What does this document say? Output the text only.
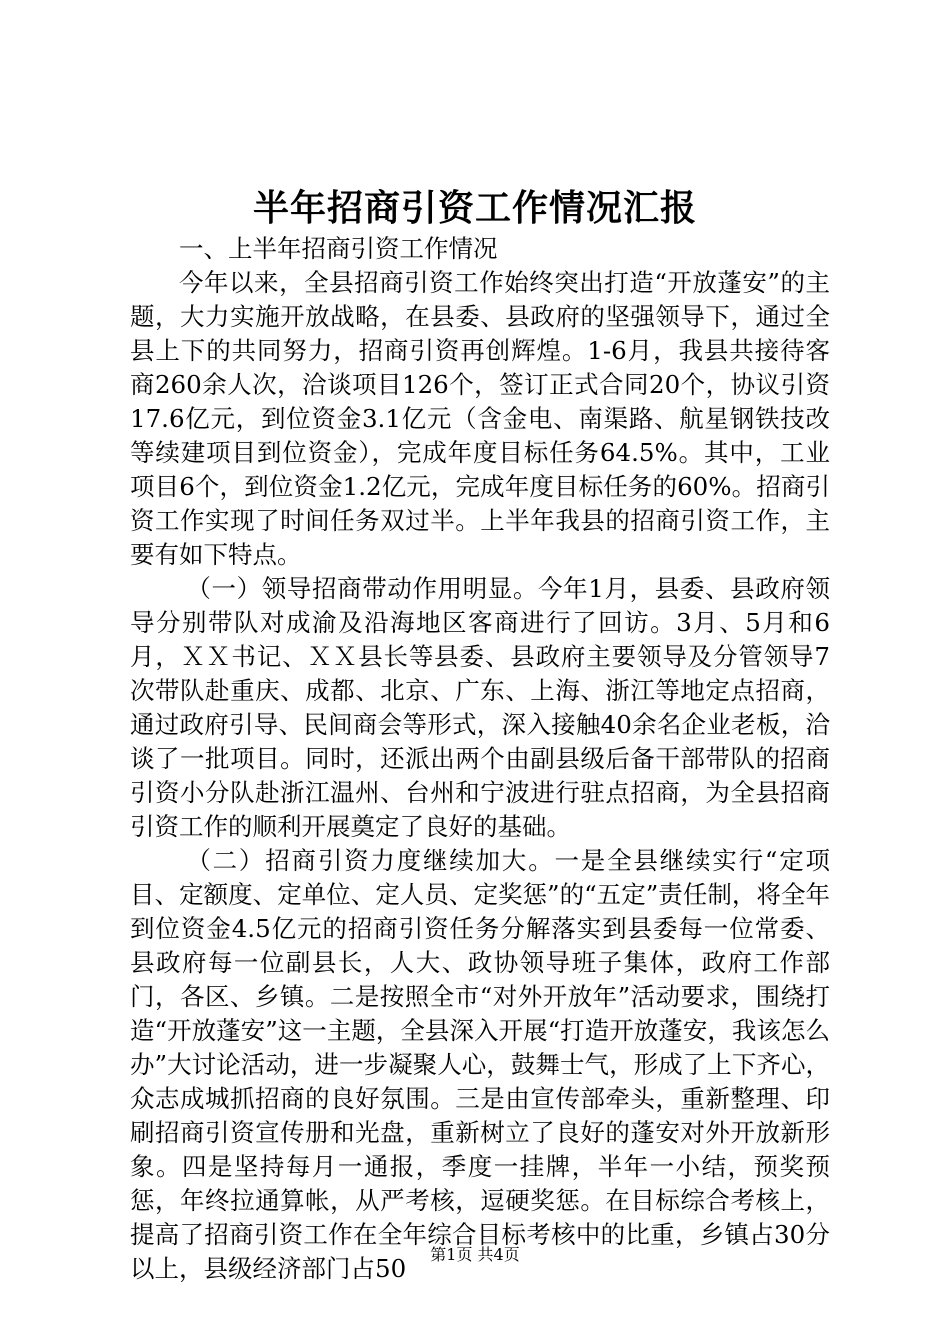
半年招商引资工作情况汇报

一、上半年招商引资工作情况

今年以来，全县招商引资工作始终突出打造“开放蓬安”的主题，大力实施开放战略，在县委、县政府的坚强领导下，通过全县上下的共同努力，招商引资再创辉煌。1-6月，我县共接待客商260余人次，洽谈项目126个，签订正式合同20个，协议引资17.6亿元，到位资金3.1亿元（含金电、南渠路、航星钢铁技改等续建项目到位资金），完成年度目标任务64.5%。其中，工业项目6个，到位资金1.2亿元，完成年度目标任务的60%。招商引资工作实现了时间任务双过半。上半年我县的招商引资工作，主要有如下特点。

（一）领导招商带动作用明显。今年1月，县委、县政府领导分别带队对成渝及沿海地区客商进行了回访。3月、5月和6月，ＸＸ书记、ＸＸ县长等县委、县政府主要领导及分管领导7次带队赴重庆、成都、北京、广东、上海、浙江等地定点招商，通过政府引导、民间商会等形式，深入接触40余名企业老板，洽谈了一批项目。同时，还派出两个由副县级后备干部带队的招商引资小分队赴浙江温州、台州和宁波进行驻点招商，为全县招商引资工作的顺利开展奠定了良好的基础。

（二）招商引资力度继续加大。一是全县继续实行“定项目、定额度、定单位、定人员、定奖惩”的“五定”责任制，将全年到位资金4.5亿元的招商引资任务分解落实到县委每一位常委、县政府每一位副县长，人大、政协领导班子集体，政府工作部门，各区、乡镇。二是按照全市“对外开放年”活动要求，围绕打造“开放蓬安”这一主题，全县深入开展“打造开放蓬安，我该怎么办”大讨论活动，进一步凝聚人心，鼓舞士气，形成了上下齐心，众志成城抓招商的良好氛围。三是由宣传部牵头，重新整理、印刷招商引资宣传册和光盘，重新树立了良好的蓬安对外开放新形象。四是坚持每月一通报，季度一挂牌，半年一小结，预奖预惩，年终拉通算帐，从严考核，逗硬奖惩。在目标综合考核上，提高了招商引资工作在全年综合目标考核中的比重，乡镇占30分以上，县级经济部门占50	第1页 共4页
